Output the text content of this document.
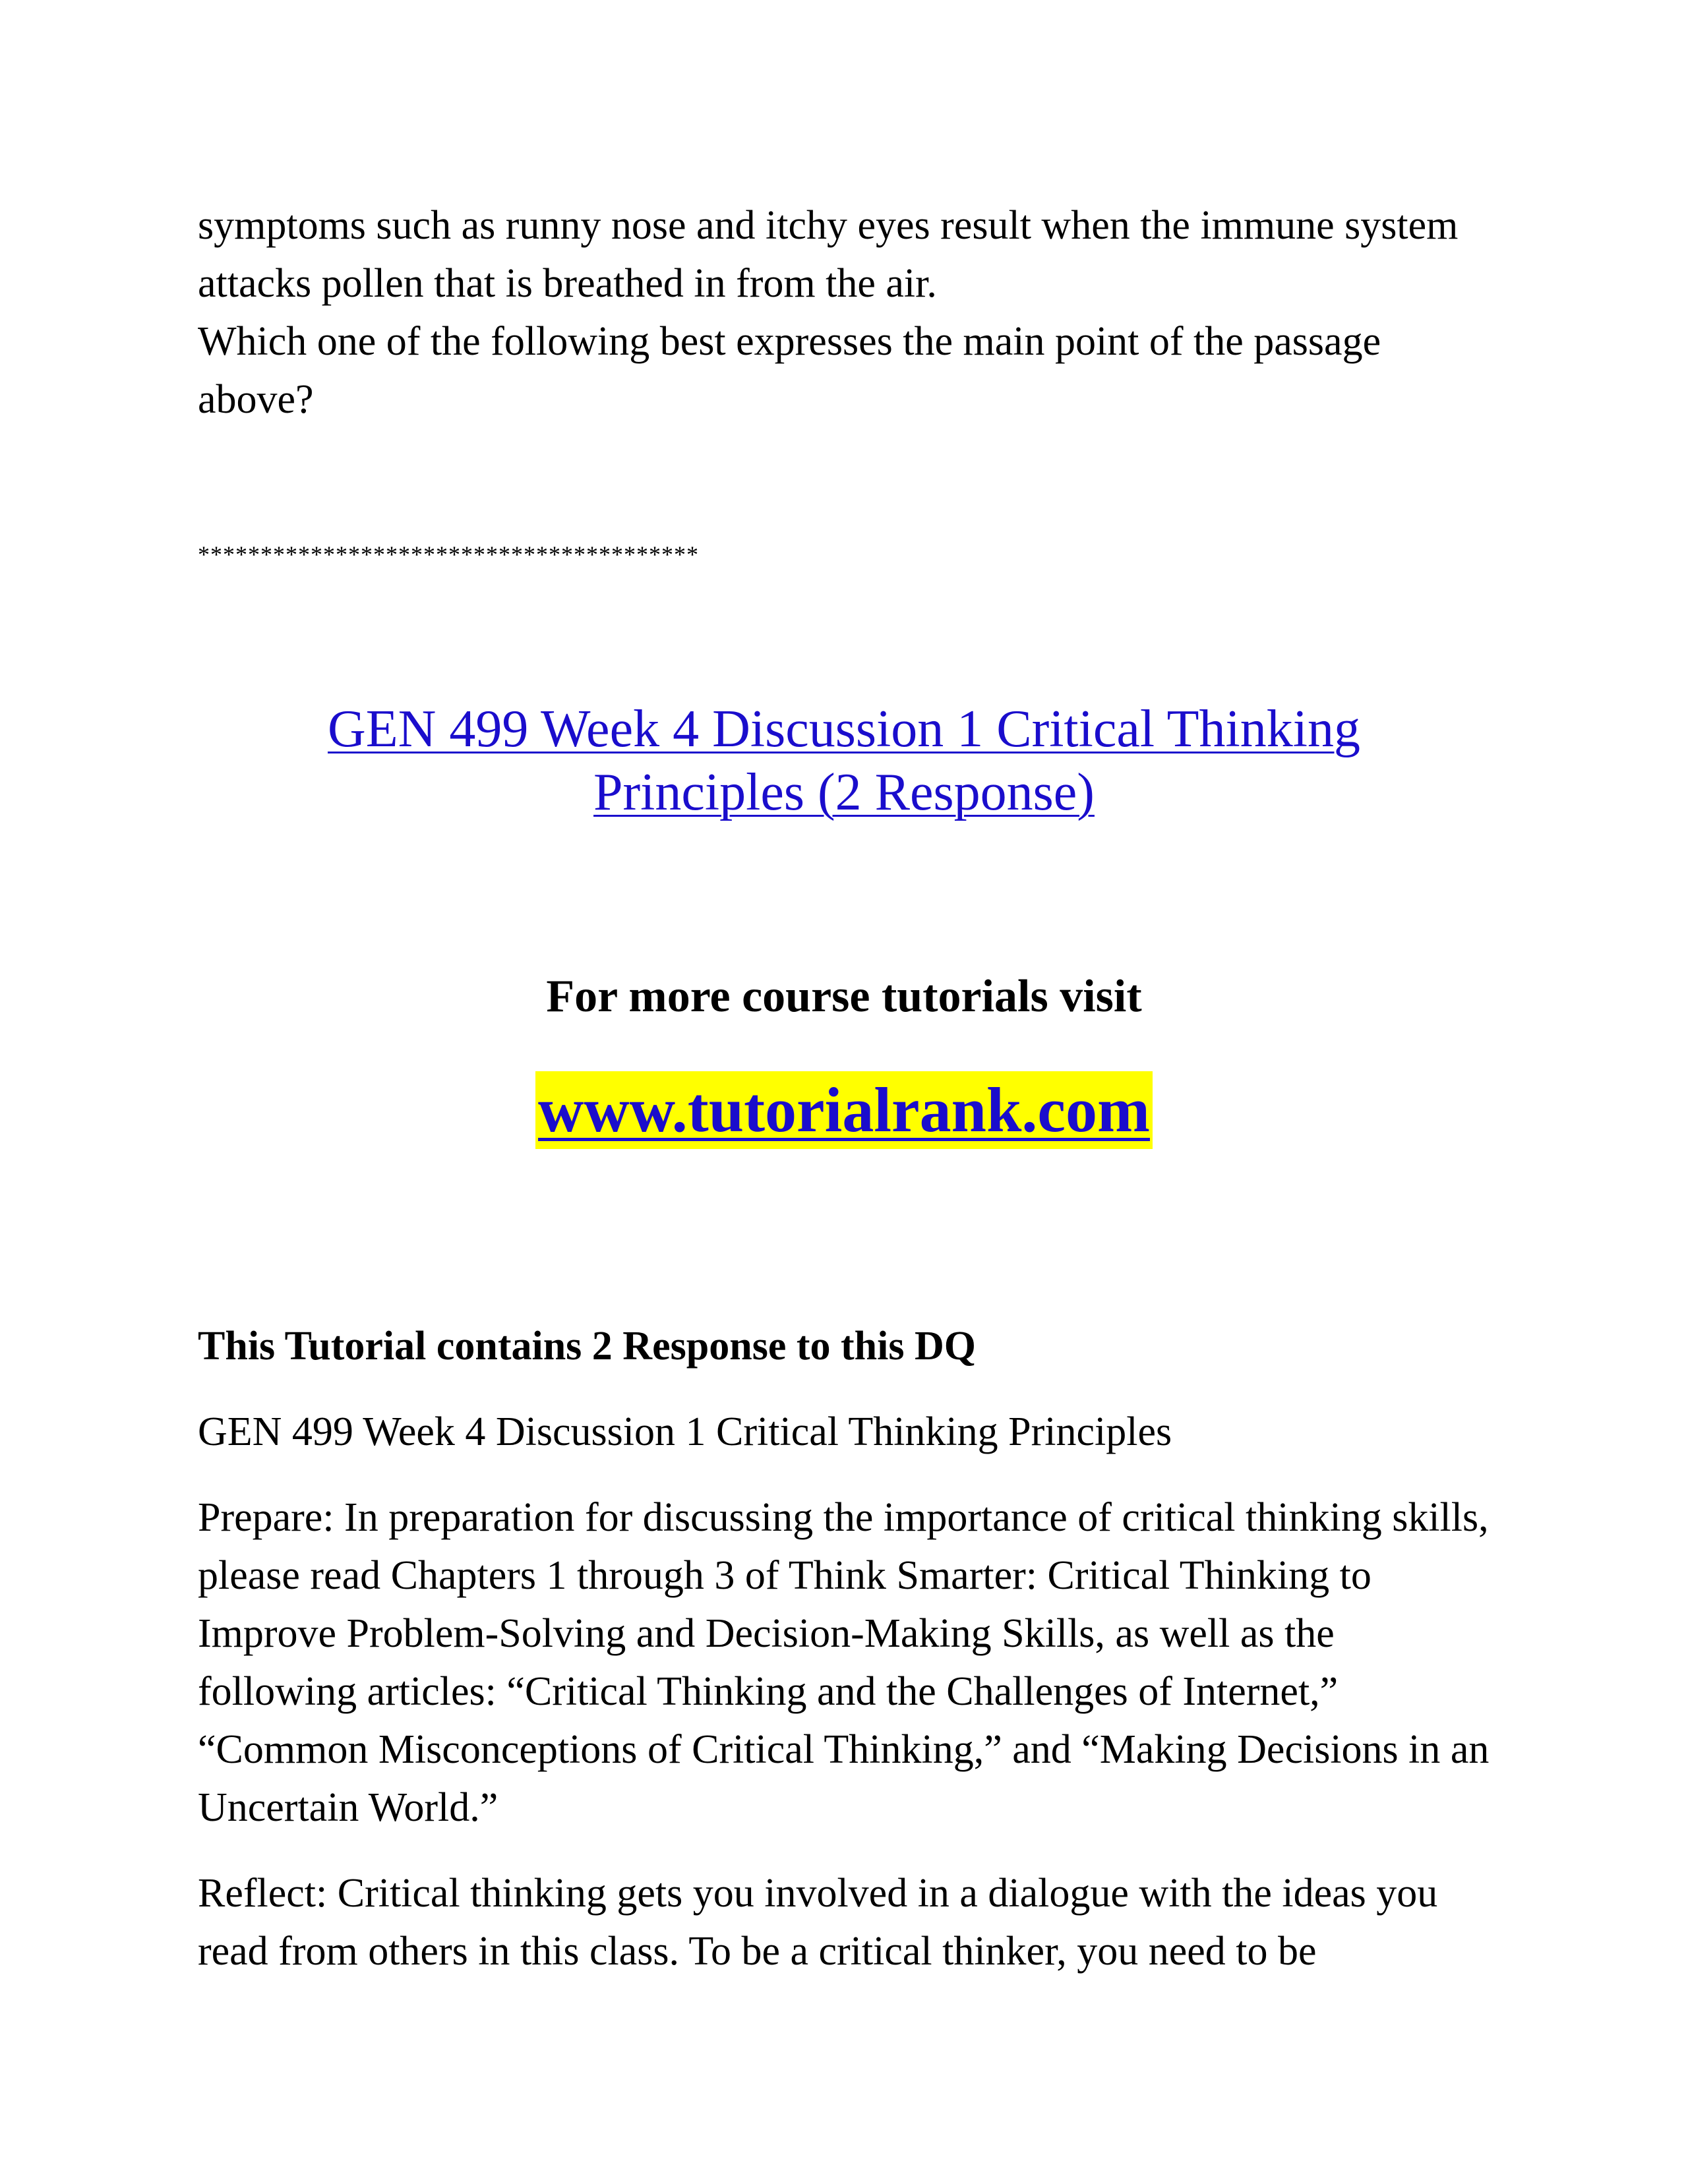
symptoms such as runny nose and itchy eyes result when the immune system attacks pollen that is breathed in from the air.
Which one of the following best expresses the main point of the passage above?

****************************************

GEN 499 Week 4 Discussion 1 Critical Thinking
Principles (2 Response)

For more course tutorials visit

www.tutorialrank.com

This Tutorial contains 2 Response to this DQ

GEN 499 Week 4 Discussion 1 Critical Thinking Principles

Prepare: In preparation for discussing the importance of critical thinking skills, please read Chapters 1 through 3 of Think Smarter: Critical Thinking to Improve Problem-Solving and Decision-Making Skills, as well as the following articles: “Critical Thinking and the Challenges of Internet,” “Common Misconceptions of Critical Thinking,” and “Making Decisions in an Uncertain World.”

Reflect: Critical thinking gets you involved in a dialogue with the ideas you read from others in this class. To be a critical thinker, you need to be
